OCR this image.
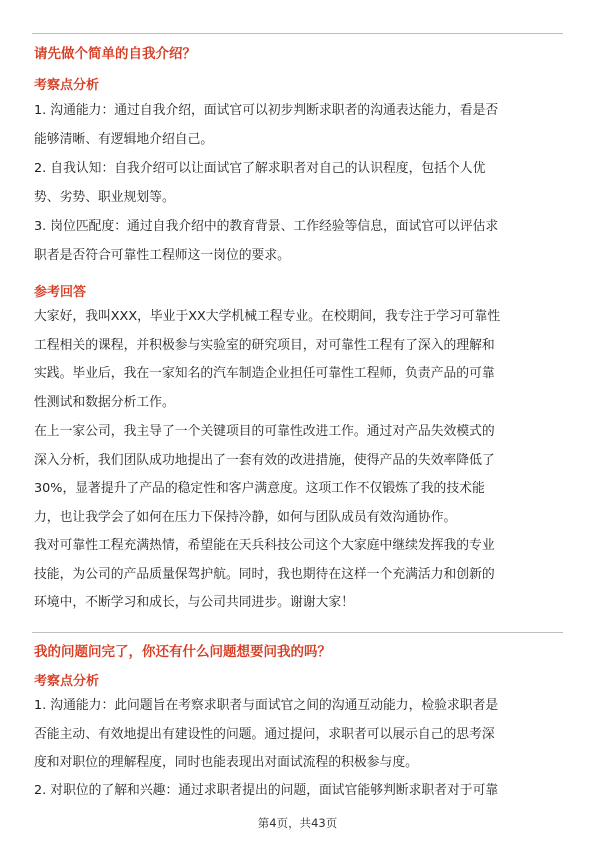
请先做个简单的自我介绍？
考察点分析
1. 沟通能力：通过自我介绍，面试官可以初步判断求职者的沟通表达能力，看是否
能够清晰、有逻辑地介绍自己。
2. 自我认知：自我介绍可以让面试官了解求职者对自己的认识程度，包括个人优
势、劣势、职业规划等。
3. 岗位匹配度：通过自我介绍中的教育背景、工作经验等信息，面试官可以评估求
职者是否符合可靠性工程师这一岗位的要求。
参考回答
大家好，我叫XXX，毕业于XX大学机械工程专业。在校期间，我专注于学习可靠性
工程相关的课程，并积极参与实验室的研究项目，对可靠性工程有了深入的理解和
实践。毕业后，我在一家知名的汽车制造企业担任可靠性工程师，负责产品的可靠
性测试和数据分析工作。
在上一家公司，我主导了一个关键项目的可靠性改进工作。通过对产品失效模式的
深入分析，我们团队成功地提出了一套有效的改进措施，使得产品的失效率降低了
30%，显著提升了产品的稳定性和客户满意度。这项工作不仅锻炼了我的技术能
力，也让我学会了如何在压力下保持冷静，如何与团队成员有效沟通协作。
我对可靠性工程充满热情，希望能在天兵科技公司这个大家庭中继续发挥我的专业
技能，为公司的产品质量保驾护航。同时，我也期待在这样一个充满活力和创新的
环境中，不断学习和成长，与公司共同进步。谢谢大家！
我的问题问完了，你还有什么问题想要问我的吗？
考察点分析
1. 沟通能力：此问题旨在考察求职者与面试官之间的沟通互动能力，检验求职者是
否能主动、有效地提出有建设性的问题。通过提问，求职者可以展示自己的思考深
度和对职位的理解程度，同时也能表现出对面试流程的积极参与度。
2. 对职位的了解和兴趣：通过求职者提出的问题，面试官能够判断求职者对于可靠
第4页，共43页
